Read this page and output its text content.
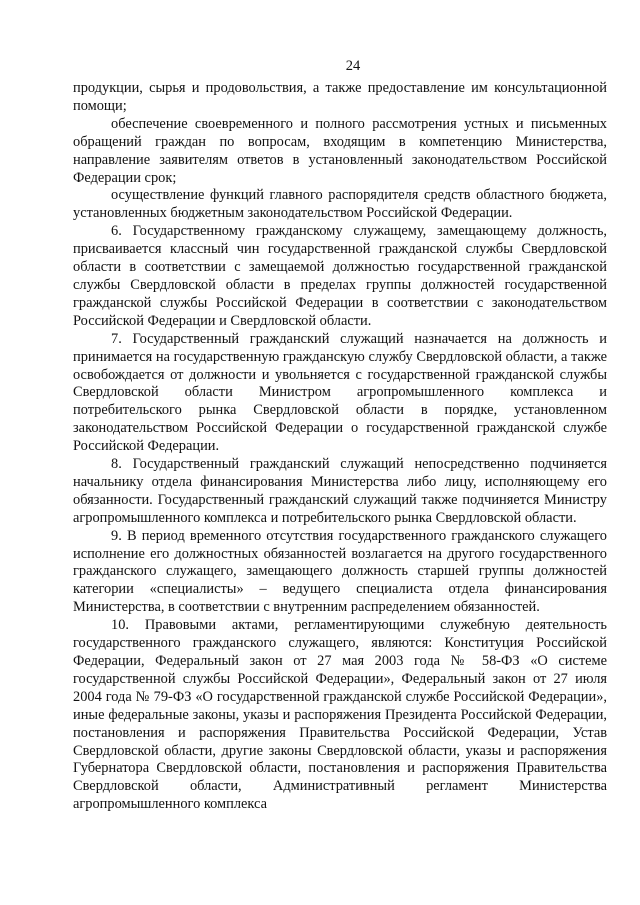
24

продукции, сырья и продовольствия, а также предоставление им консультационной помощи;

обеспечение своевременного и полного рассмотрения устных и письменных обращений граждан по вопросам, входящим в компетенцию Министерства, направление заявителям ответов в установленный законодательством Российской Федерации срок;

осуществление функций главного распорядителя средств областного бюджета, установленных бюджетным законодательством Российской Федерации.

6. Государственному гражданскому служащему, замещающему должность, присваивается классный чин государственной гражданской службы Свердловской области в соответствии с замещаемой должностью государственной гражданской службы Свердловской области в пределах группы должностей государственной гражданской службы Российской Федерации в соответствии с законодательством Российской Федерации и Свердловской области.

7. Государственный гражданский служащий назначается на должность и принимается на государственную гражданскую службу Свердловской области, а также освобождается от должности и увольняется с государственной гражданской службы Свердловской области Министром агропромышленного комплекса и потребительского рынка Свердловской области в порядке, установленном законодательством Российской Федерации о государственной гражданской службе Российской Федерации.

8. Государственный гражданский служащий непосредственно подчиняется начальнику отдела финансирования Министерства либо лицу, исполняющему его обязанности. Государственный гражданский служащий также подчиняется Министру агропромышленного комплекса и потребительского рынка Свердловской области.

9. В период временного отсутствия государственного гражданского служащего исполнение его должностных обязанностей возлагается на другого государственного гражданского служащего, замещающего должность старшей группы должностей категории «специалисты» – ведущего специалиста отдела финансирования Министерства, в соответствии с внутренним распределением обязанностей.

10. Правовыми актами, регламентирующими служебную деятельность государственного гражданского служащего, являются: Конституция Российской Федерации, Федеральный закон от 27 мая 2003 года № 58-ФЗ «О системе государственной службы Российской Федерации», Федеральный закон от 27 июля 2004 года № 79-ФЗ «О государственной гражданской службе Российской Федерации», иные федеральные законы, указы и распоряжения Президента Российской Федерации, постановления и распоряжения Правительства Российской Федерации, Устав Свердловской области, другие законы Свердловской области, указы и распоряжения Губернатора Свердловской области, постановления и распоряжения Правительства Свердловской области, Административный регламент Министерства агропромышленного комплекса
